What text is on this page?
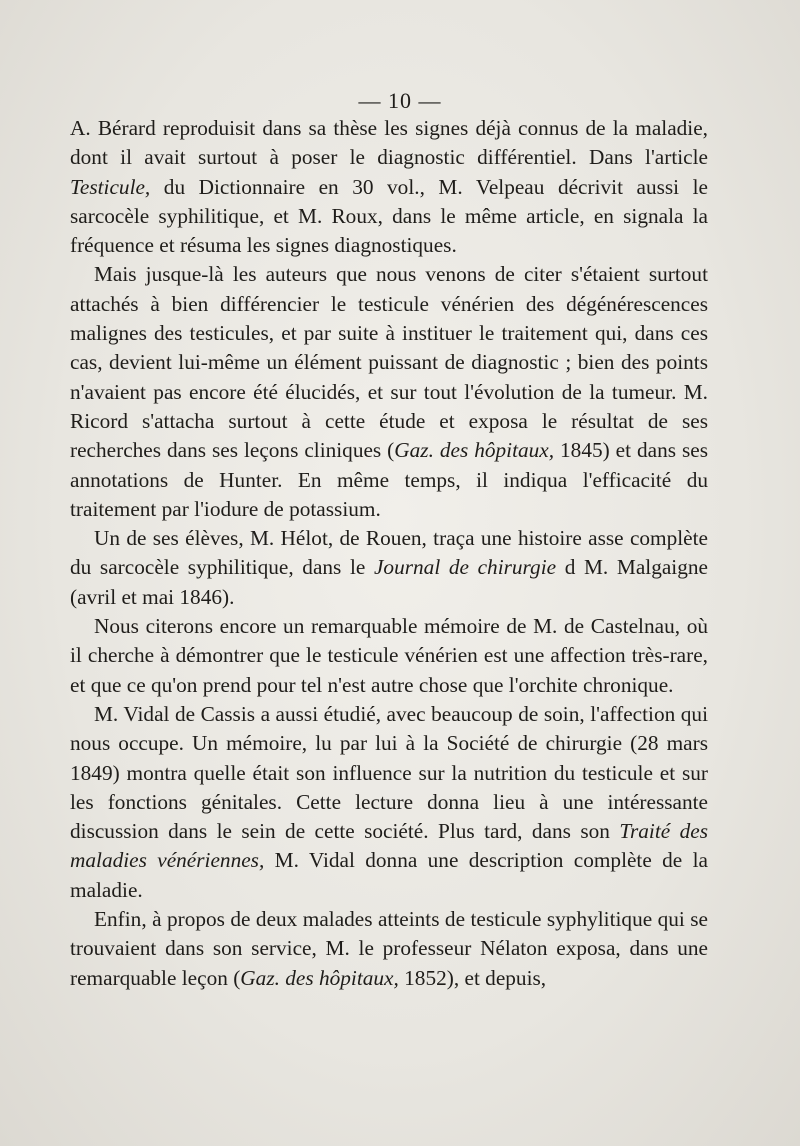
— 10 —

A. Bérard reproduisit dans sa thèse les signes déjà connus de la maladie, dont il avait surtout à poser le diagnostic différentiel. Dans l'article Testicule, du Dictionnaire en 30 vol., M. Velpeau décrivit aussi le sarcocèle syphilitique, et M. Roux, dans le même article, en signala la fréquence et résuma les signes diagnostiques.

Mais jusque-là les auteurs que nous venons de citer s'étaient surtout attachés à bien différencier le testicule vénérien des dégénérescences malignes des testicules, et par suite à instituer le traitement qui, dans ces cas, devient lui-même un élément puissant de diagnostic ; bien des points n'avaient pas encore été élucidés, et sur tout l'évolution de la tumeur. M. Ricord s'attacha surtout à cette étude et exposa le résultat de ses recherches dans ses leçons cliniques (Gaz. des hôpitaux, 1845) et dans ses annotations de Hunter. En même temps, il indiqua l'efficacité du traitement par l'iodure de potassium.

Un de ses élèves, M. Hélot, de Rouen, traça une histoire asse complète du sarcocèle syphilitique, dans le Journal de chirurgie d M. Malgaigne (avril et mai 1846).

Nous citerons encore un remarquable mémoire de M. de Castelnau, où il cherche à démontrer que le testicule vénérien est une affection très-rare, et que ce qu'on prend pour tel n'est autre chose que l'orchite chronique.

M. Vidal de Cassis a aussi étudié, avec beaucoup de soin, l'affection qui nous occupe. Un mémoire, lu par lui à la Société de chirurgie (28 mars 1849) montra quelle était son influence sur la nutrition du testicule et sur les fonctions génitales. Cette lecture donna lieu à une intéressante discussion dans le sein de cette société. Plus tard, dans son Traité des maladies vénériennes, M. Vidal donna une description complète de la maladie.

Enfin, à propos de deux malades atteints de testicule syphylitique qui se trouvaient dans son service, M. le professeur Nélaton exposa, dans une remarquable leçon (Gaz. des hôpitaux, 1852), et depuis,
